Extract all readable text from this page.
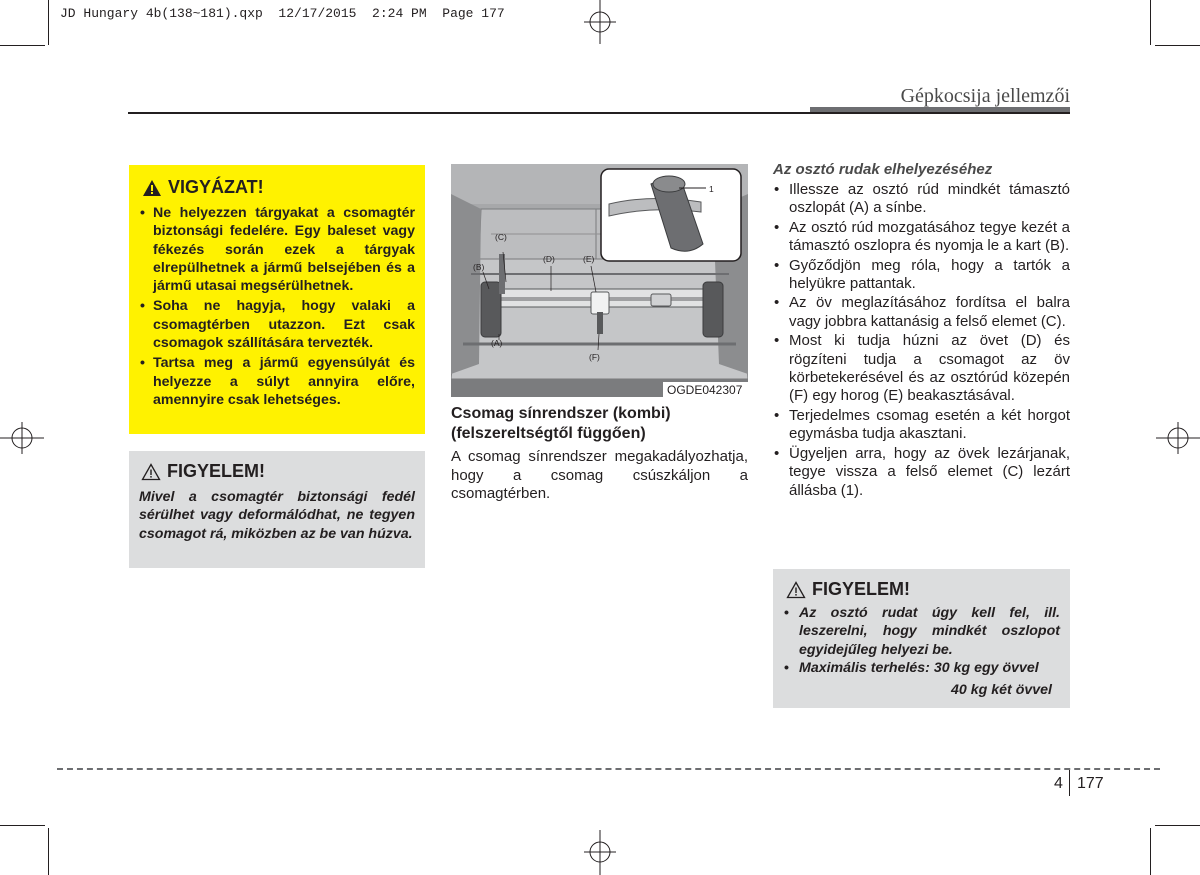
JD Hungary 4b(138~181).qxp  12/17/2015  2:24 PM  Page 177
Gépkocsija jellemzői
VIGYÁZAT!
• Ne helyezzen tárgyakat a csomagtér biztonsági fedelére. Egy baleset vagy fékezés során ezek a tárgyak elrepülhetnek a jármű belsejében és a jármű utasai megsérülhetnek.
• Soha ne hagyja, hogy valaki a csomagtérben utazzon. Ezt csak csomagok szállítására tervezték.
• Tartsa meg a jármű egyensúlyát és helyezze a súlyt annyira előre, amennyire csak lehetséges.
FIGYELEM!
Mivel a csomagtér biztonsági fedél sérülhet vagy deformálódhat, ne tegyen csomagot rá, miközben az be van húzva.
1
(C)
(B)
(D)	(E)
(A)
(F)
OGDE042307
Csomag sínrendszer (kombi) (felszereltségtől függően)
A csomag sínrendszer megakadályozhatja, hogy a csomag csúszkáljon a csomagtérben.
Az osztó rudak elhelyezéséhez
• Illessze az osztó rúd mindkét támasztó oszlopát (A) a sínbe.
• Az osztó rúd mozgatásához tegye kezét a támasztó oszlopra és nyomja le a kart (B).
• Győződjön meg róla, hogy a tartók a helyükre pattantak.
• Az öv meglazításához fordítsa el balra vagy jobbra kattanásig a felső elemet (C).
• Most ki tudja húzni az övet (D) és rögzíteni tudja a csomagot az öv körbetekerésével és az osztórúd közepén (F) egy horog (E) beakasztásával.
• Terjedelmes csomag esetén a két horgot egymásba tudja akasztani.
• Ügyeljen arra, hogy az övek lezárjanak, tegye vissza a felső elemet (C) lezárt állásba (1).
FIGYELEM!
• Az osztó rudat úgy kell fel, ill. leszerelni, hogy mindkét oszlopot egyidejűleg helyezi be.
• Maximális terhelés: 30 kg egy övvel
40 kg két övvel
4 177
